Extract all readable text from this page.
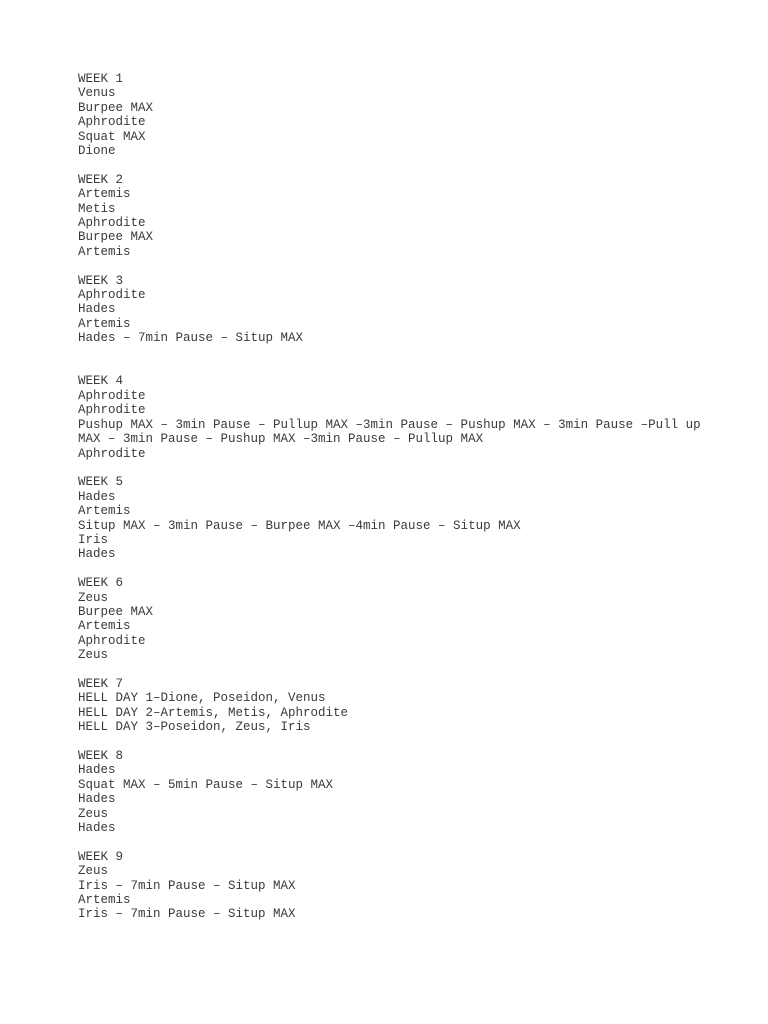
WEEK 1
Venus
Burpee MAX
Aphrodite
Squat MAX
Dione
WEEK 2
Artemis
Metis
Aphrodite
Burpee MAX
Artemis
WEEK 3
Aphrodite
Hades
Artemis
Hades – 7min Pause – Situp MAX
WEEK 4
Aphrodite
Aphrodite
Pushup MAX – 3min Pause – Pullup MAX –3min Pause – Pushup MAX – 3min Pause –Pull up MAX – 3min Pause – Pushup MAX –3min Pause – Pullup MAX
Aphrodite
WEEK 5
Hades
Artemis
Situp MAX – 3min Pause – Burpee MAX –4min Pause – Situp MAX
Iris
Hades
WEEK 6
Zeus
Burpee MAX
Artemis
Aphrodite
Zeus
WEEK 7
HELL DAY 1–Dione, Poseidon, Venus
HELL DAY 2–Artemis, Metis, Aphrodite
HELL DAY 3–Poseidon, Zeus, Iris
WEEK 8
Hades
Squat MAX – 5min Pause – Situp MAX
Hades
Zeus
Hades
WEEK 9
Zeus
Iris – 7min Pause – Situp MAX
Artemis
Iris – 7min Pause – Situp MAX
